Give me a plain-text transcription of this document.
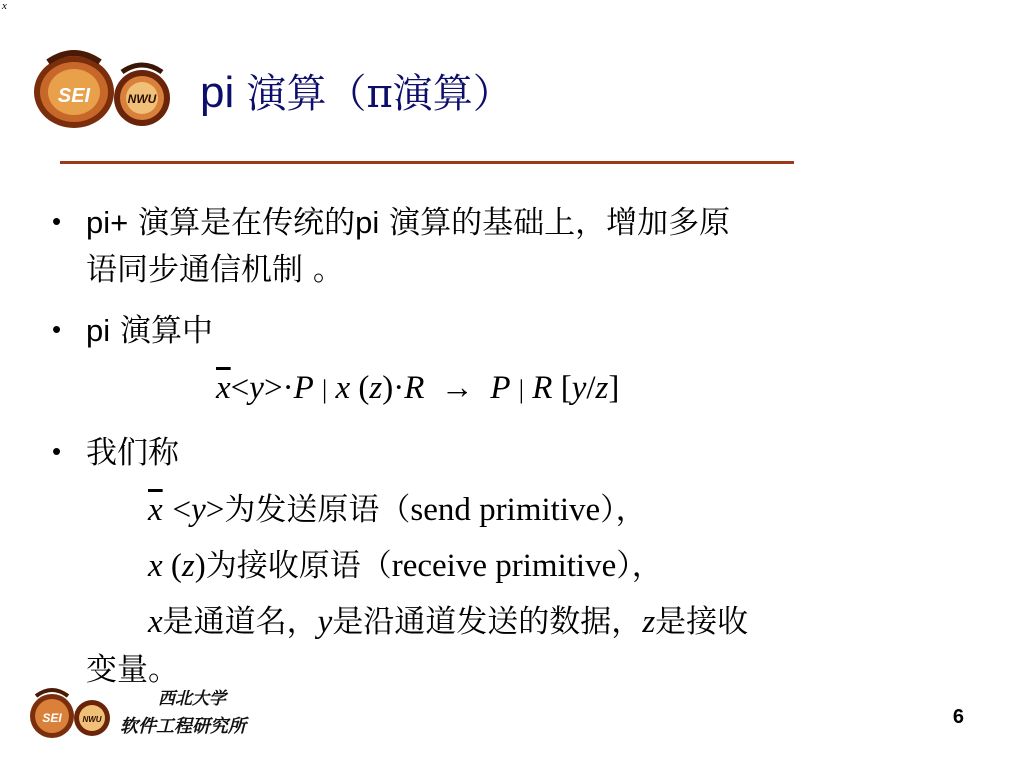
$\overline{x}$
SEI	NWU pi 演算（π演算）
• pi+ 演算是在传统的pi 演算的基础上，增加多原
语同步通信机制 。
• pi 演算中
$\overline{x}<y>\cdot P$ | x (z)·R → P | R [y/z]
• 我们称
$\overline{x} <y>$为发送原语（send primitive），
x (z)为接收原语（receive primitive），
x是通道名，y是沿通道发送的数据，z是接收
变量。
SEI	NWU
西北大学
软件工程研究所	6
